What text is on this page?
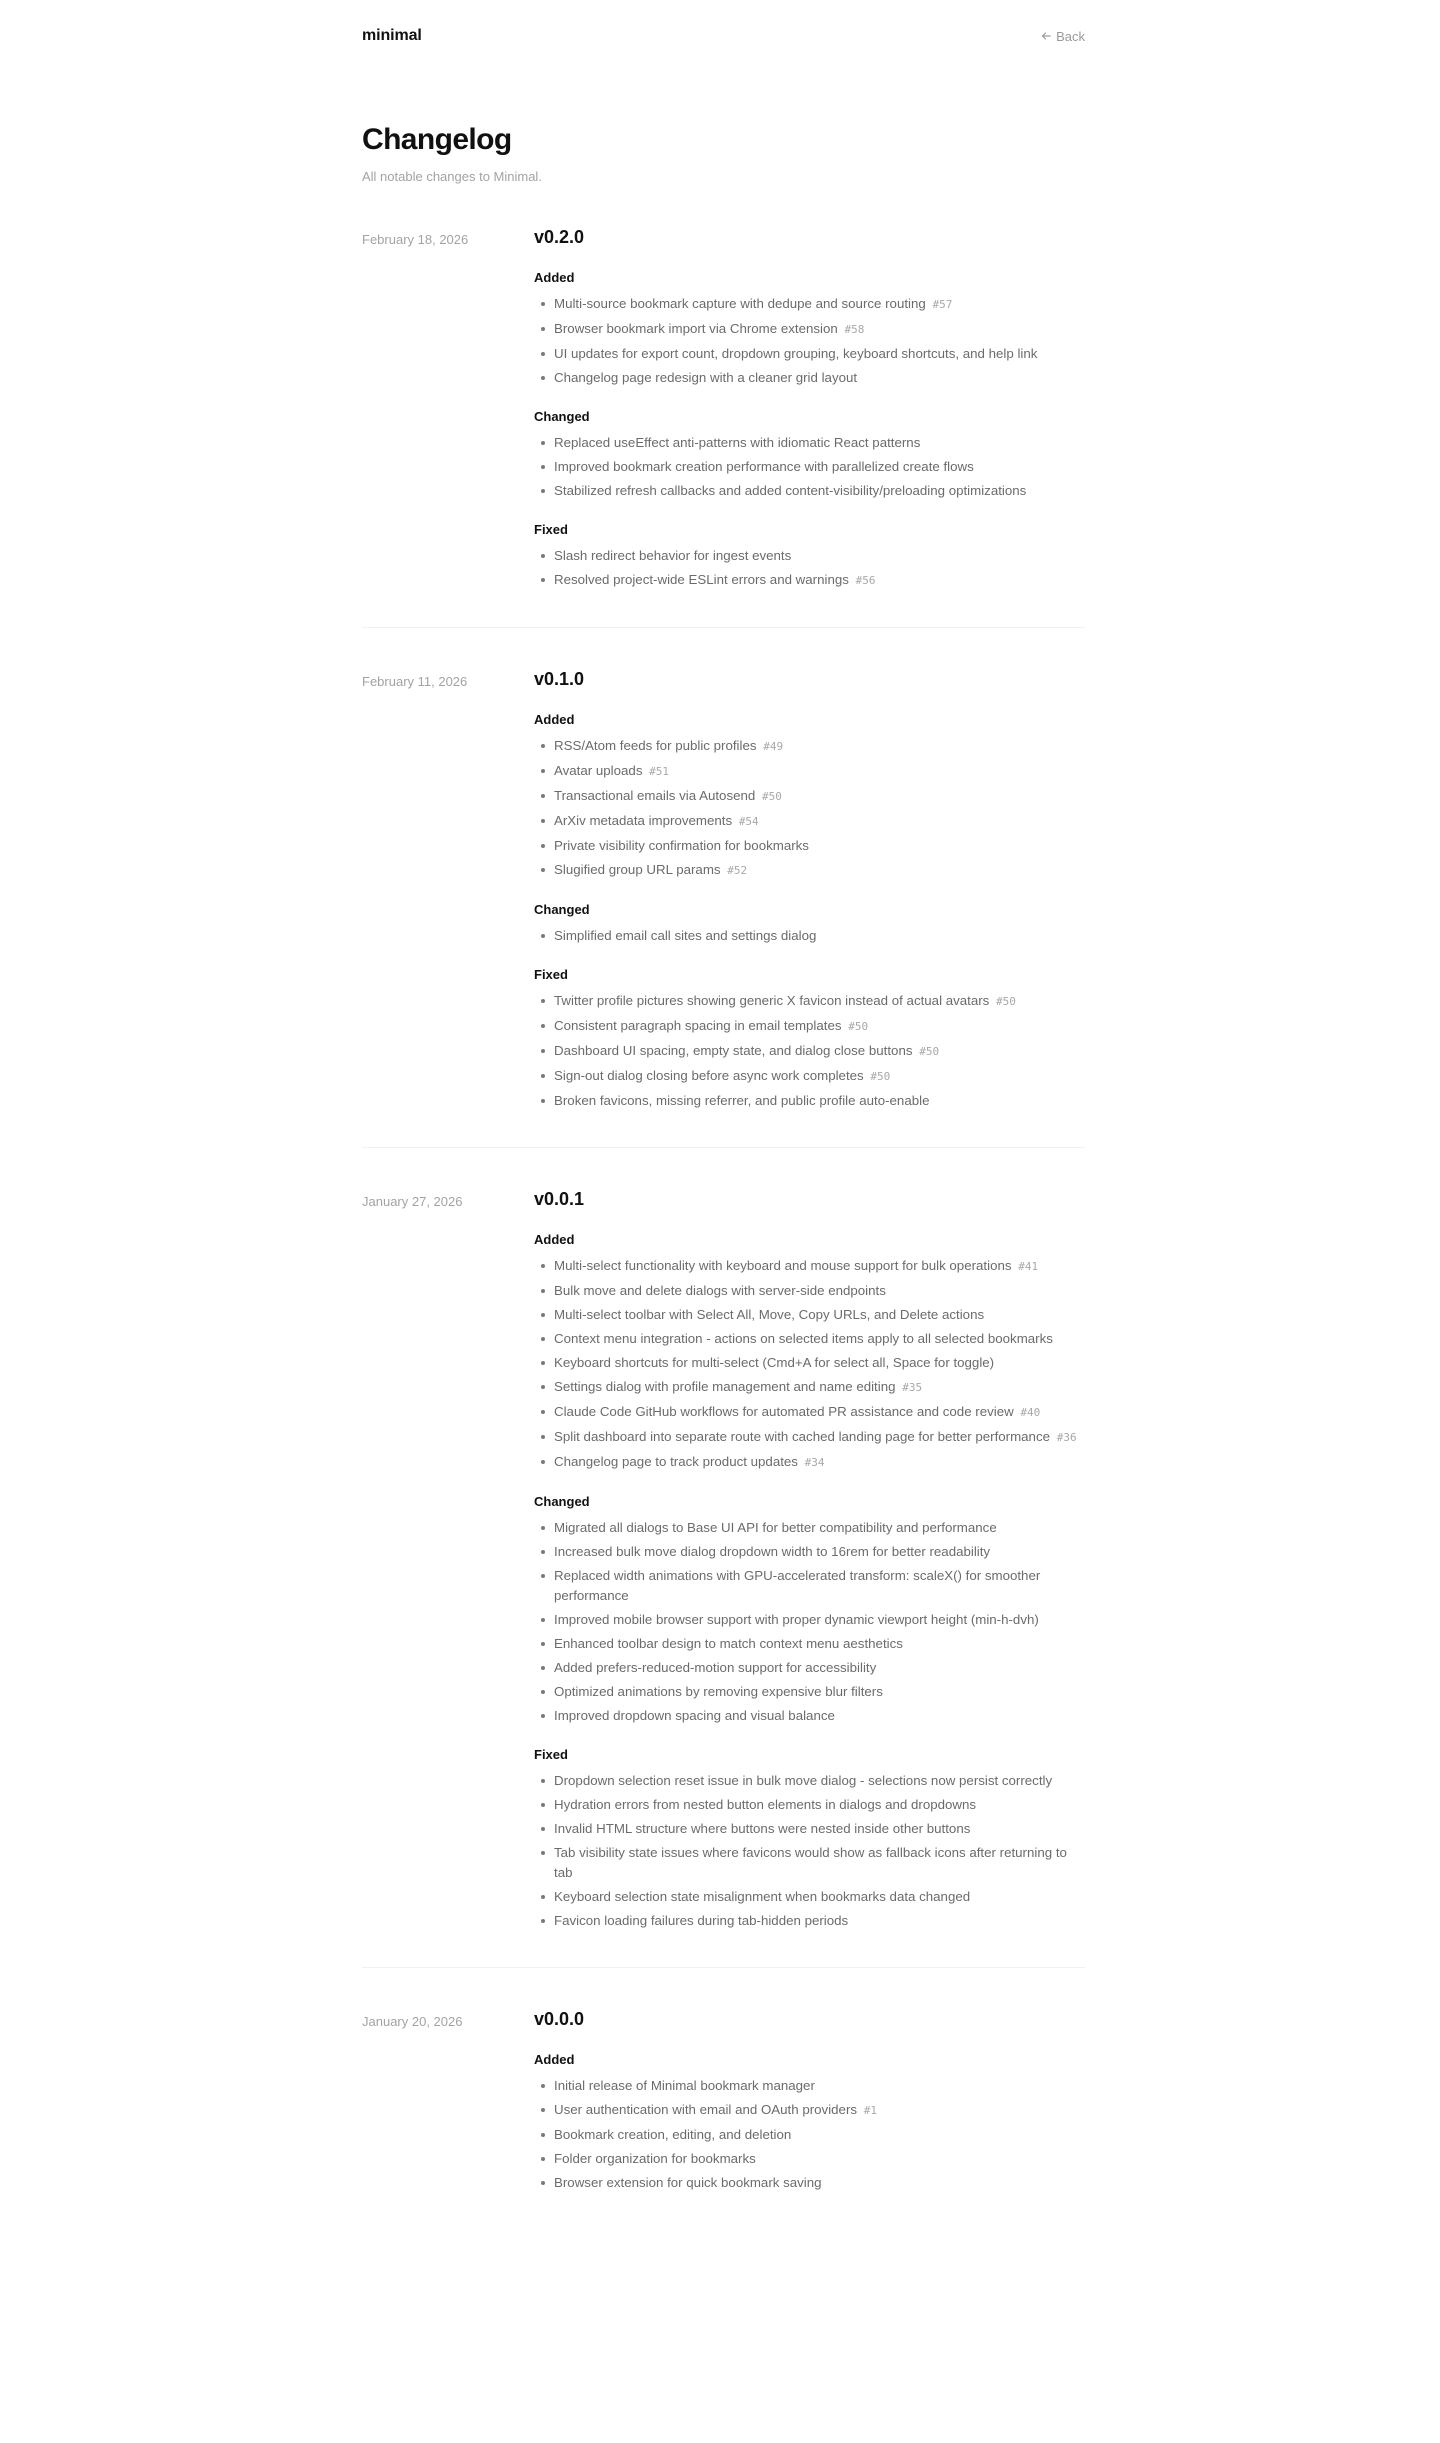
minimal	Back
Changelog
All notable changes to Minimal.
February 18, 2026	v0.2.0
Added
Multi-source bookmark capture with dedupe and source routing #57
Browser bookmark import via Chrome extension #58
UI updates for export count, dropdown grouping, keyboard shortcuts, and help link
Changelog page redesign with a cleaner grid layout
Changed
Replaced useEffect anti-patterns with idiomatic React patterns
Improved bookmark creation performance with parallelized create flows
Stabilized refresh callbacks and added content-visibility/preloading optimizations
Fixed
Slash redirect behavior for ingest events
Resolved project-wide ESLint errors and warnings #56
February 11, 2026	v0.1.0
Added
RSS/Atom feeds for public profiles #49
Avatar uploads #51
Transactional emails via Autosend #50
ArXiv metadata improvements #54
Private visibility confirmation for bookmarks
Slugified group URL params #52
Changed
Simplified email call sites and settings dialog
Fixed
Twitter profile pictures showing generic X favicon instead of actual avatars #50
Consistent paragraph spacing in email templates #50
Dashboard UI spacing, empty state, and dialog close buttons #50
Sign-out dialog closing before async work completes #50
Broken favicons, missing referrer, and public profile auto-enable
January 27, 2026	v0.0.1
Added
Multi-select functionality with keyboard and mouse support for bulk operations #41
Bulk move and delete dialogs with server-side endpoints
Multi-select toolbar with Select All, Move, Copy URLs, and Delete actions
Context menu integration - actions on selected items apply to all selected bookmarks
Keyboard shortcuts for multi-select (Cmd+A for select all, Space for toggle)
Settings dialog with profile management and name editing #35
Claude Code GitHub workflows for automated PR assistance and code review #40
Split dashboard into separate route with cached landing page for better performance #36
Changelog page to track product updates #34
Changed
Migrated all dialogs to Base UI API for better compatibility and performance
Increased bulk move dialog dropdown width to 16rem for better readability
Replaced width animations with GPU-accelerated transform: scaleX() for smoother performance
Improved mobile browser support with proper dynamic viewport height (min-h-dvh)
Enhanced toolbar design to match context menu aesthetics
Added prefers-reduced-motion support for accessibility
Optimized animations by removing expensive blur filters
Improved dropdown spacing and visual balance
Fixed
Dropdown selection reset issue in bulk move dialog - selections now persist correctly
Hydration errors from nested button elements in dialogs and dropdowns
Invalid HTML structure where buttons were nested inside other buttons
Tab visibility state issues where favicons would show as fallback icons after returning to tab
Keyboard selection state misalignment when bookmarks data changed
Favicon loading failures during tab-hidden periods
January 20, 2026	v0.0.0
Added
Initial release of Minimal bookmark manager
User authentication with email and OAuth providers #1
Bookmark creation, editing, and deletion
Folder organization for bookmarks
Browser extension for quick bookmark saving
